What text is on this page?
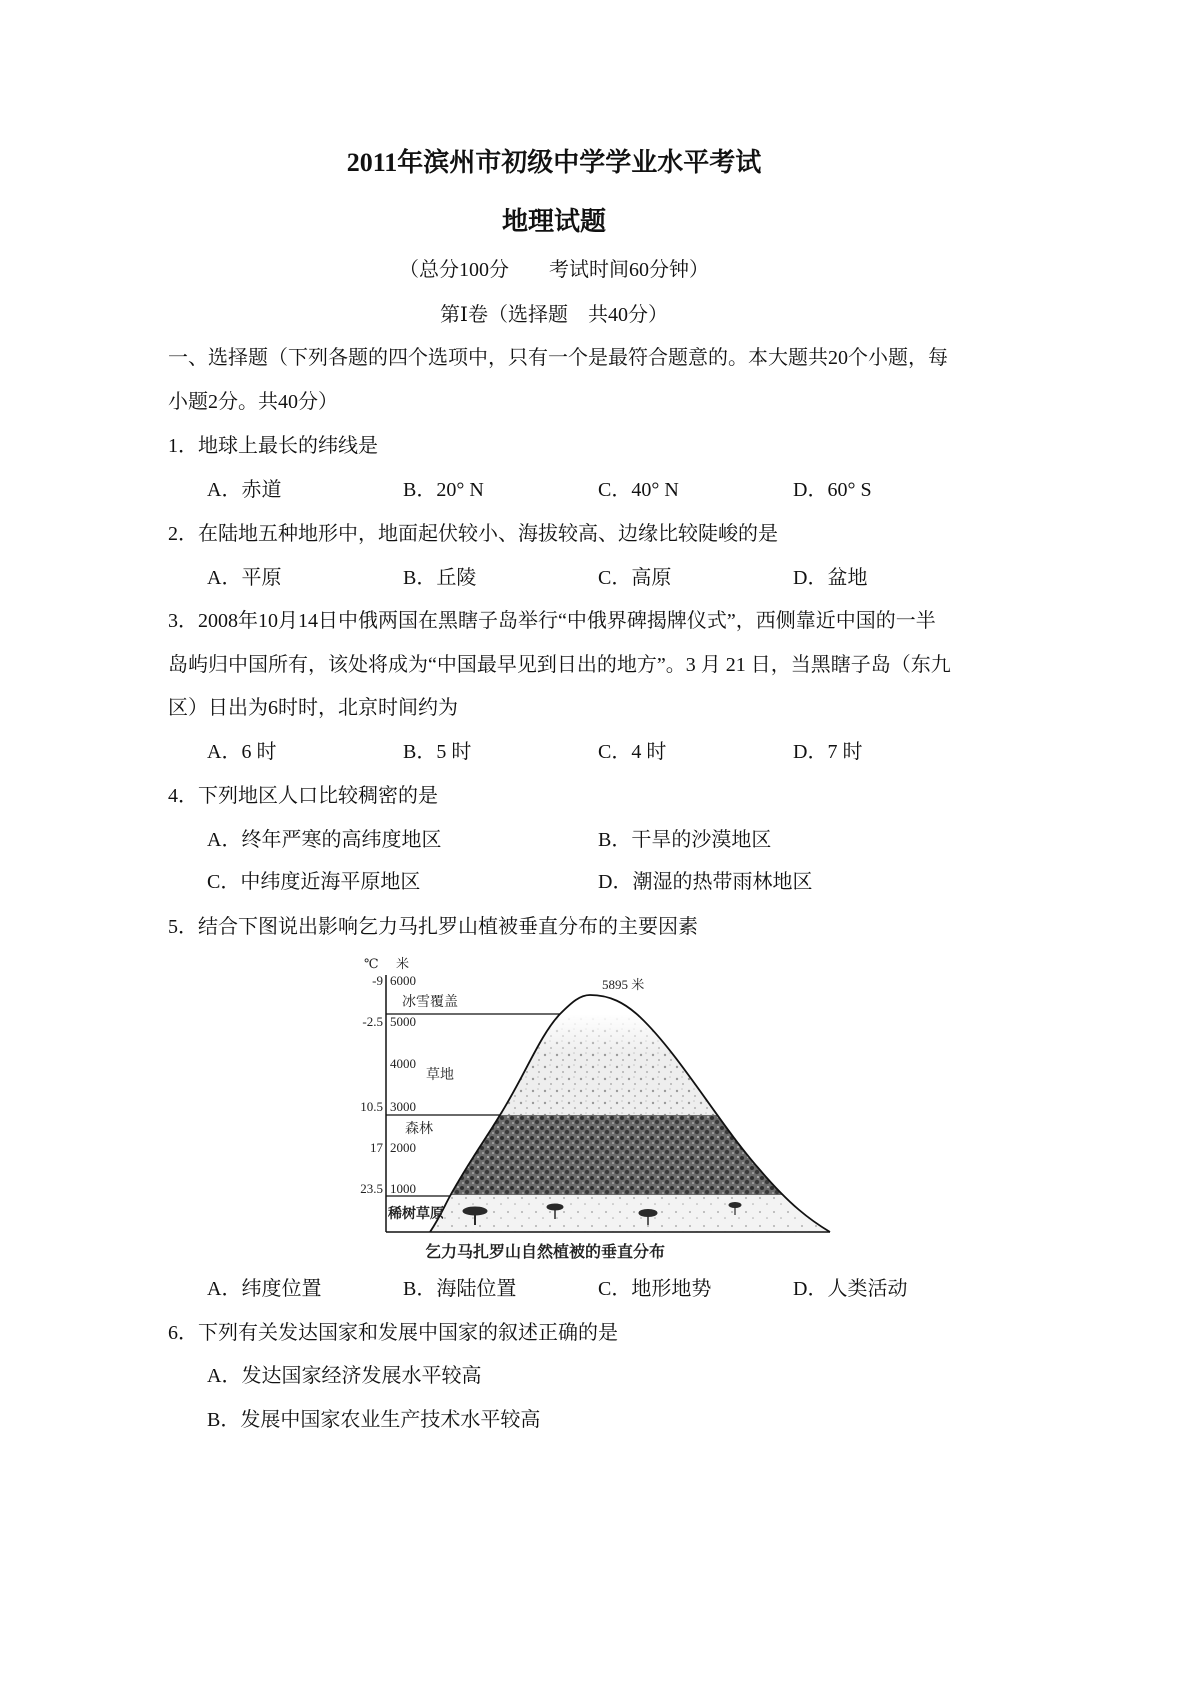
2011年滨州市初级中学学业水平考试
地理试题
（总分100分　　考试时间60分钟）
第Ⅰ卷（选择题　共40分）
一、选择题（下列各题的四个选项中，只有一个是最符合题意的。本大题共20个小题，每
小题2分。共40分）
1．地球上最长的纬线是
A．赤道	B．20° N	C．40° N	D．60° S
2．在陆地五种地形中，地面起伏较小、海拔较高、边缘比较陡峻的是
A．平原	B．丘陵	C．高原	D．盆地
3．2008年10月14日中俄两国在黑瞎子岛举行“中俄界碑揭牌仪式”，西侧靠近中国的一半
岛屿归中国所有，该处将成为“中国最早见到日出的地方”。3 月 21 日，当黑瞎子岛（东九
区）日出为6时时，北京时间约为
A．6 时	B．5 时	C．4 时	D．7 时
4．下列地区人口比较稠密的是
A．终年严寒的高纬度地区	B．干旱的沙漠地区
C．中纬度近海平原地区	D．潮湿的热带雨林地区
5．结合下图说出影响乞力马扎罗山植被垂直分布的主要因素
℃ 米
-9
-2.5
10.5
17
23.5
6000
5000
4000
3000
2000
1000
冰雪覆盖
草地
森林
稀树草原
5895 米
乞力马扎罗山自然植被的垂直分布
A．纬度位置	B．海陆位置	C．地形地势	D．人类活动
6．下列有关发达国家和发展中国家的叙述正确的是
A．发达国家经济发展水平较高
B．发展中国家农业生产技术水平较高
